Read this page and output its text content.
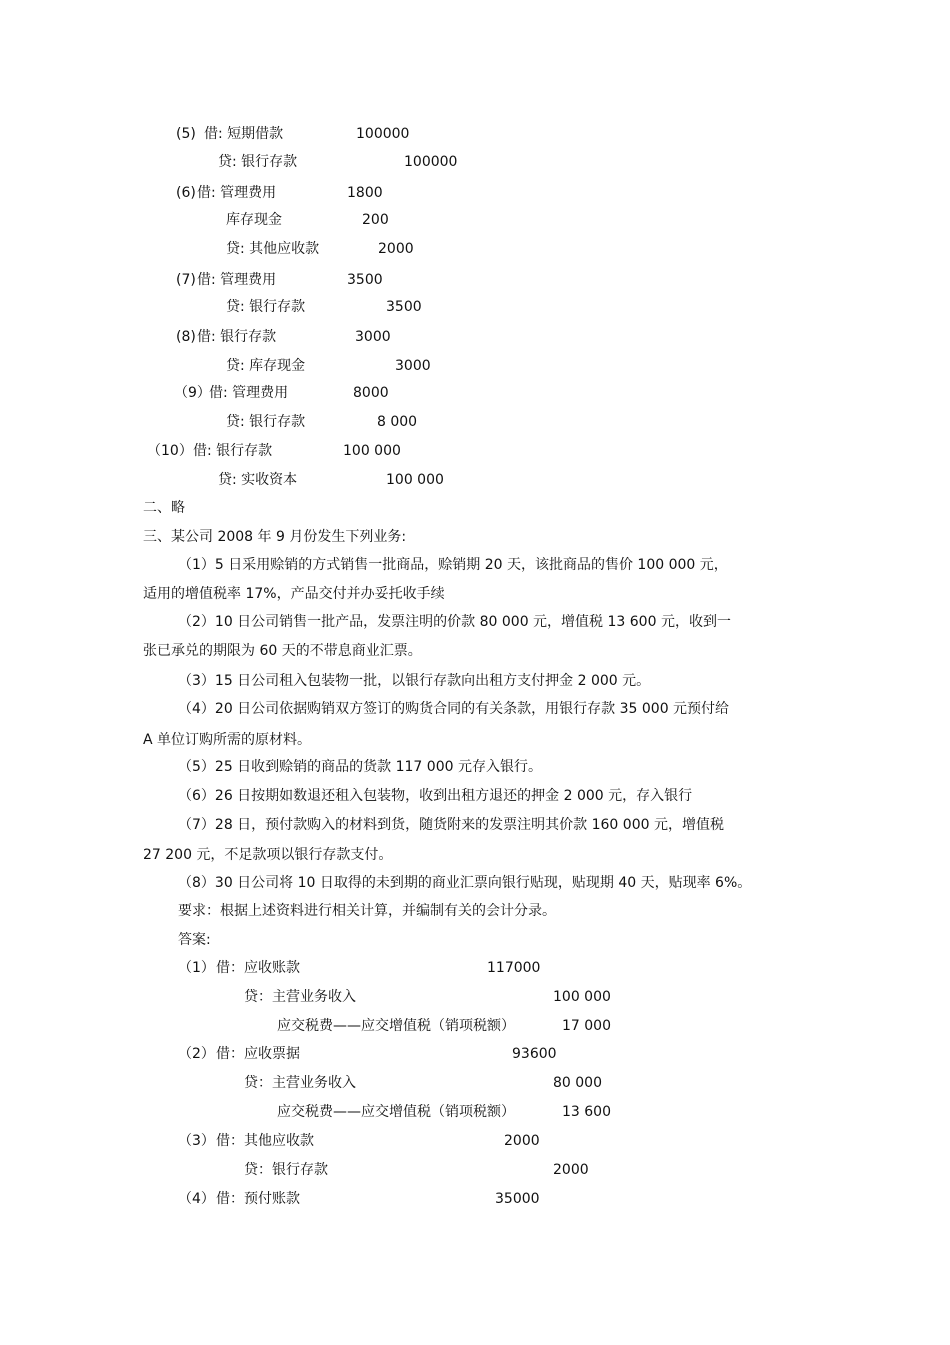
(5) 借: 短期借款	100000
贷: 银行存款	100000
(6) 借: 管理费用	1800
库存现金	200
贷: 其他应收款	2000
(7) 借: 管理费用	3500
贷: 银行存款	3500
(8) 借: 银行存款	3000
贷: 库存现金	3000
（9）
借: 管理费用	8000
贷: 银行存款	8 000
（10） 借: 银行存款	100 000
贷: 实收资本	100 000
二、略
三、某公司 2008 年 9 月份发生下列业务:
（1）5 日采用赊销的方式销售一批商品，赊销期 20 天，该批商品的售价 100 000 元，
适用的增值税率 17%，产品交付并办妥托收手续
（2）10 日公司销售一批产品，发票注明的价款 80 000 元，增值税 13 600 元，收到一
张已承兑的期限为 60 天的不带息商业汇票。
（3）15 日公司租入包装物一批，以银行存款向出租方支付押金 2 000 元。
（4）20 日公司依据购销双方签订的购货合同的有关条款，用银行存款 35 000 元预付给
A 单位订购所需的原材料。
（5）25 日收到赊销的商品的货款 117 000 元存入银行。
（6）26 日按期如数退还租入包装物，收到出租方退还的押金 2 000 元，存入银行
（7）28 日，预付款购入的材料到货，随货附来的发票注明其价款 160 000 元，增值税
27 200 元，不足款项以银行存款支付。
（8）30 日公司将 10 日取得的未到期的商业汇票向银行贴现，贴现期 40 天，贴现率 6%。
要求：根据上述资料进行相关计算，并编制有关的会计分录。
答案:
（1） 借：应收账款	117000
贷：主营业务收入	100 000
应交税费——应交增值税（销项税额）	17 000
（2） 借：应收票据	93600
贷：主营业务收入	80 000
应交税费——应交增值税（销项税额）	13 600
（3） 借：其他应收款	2000
贷：银行存款	2000
（4） 借：预付账款	35000
